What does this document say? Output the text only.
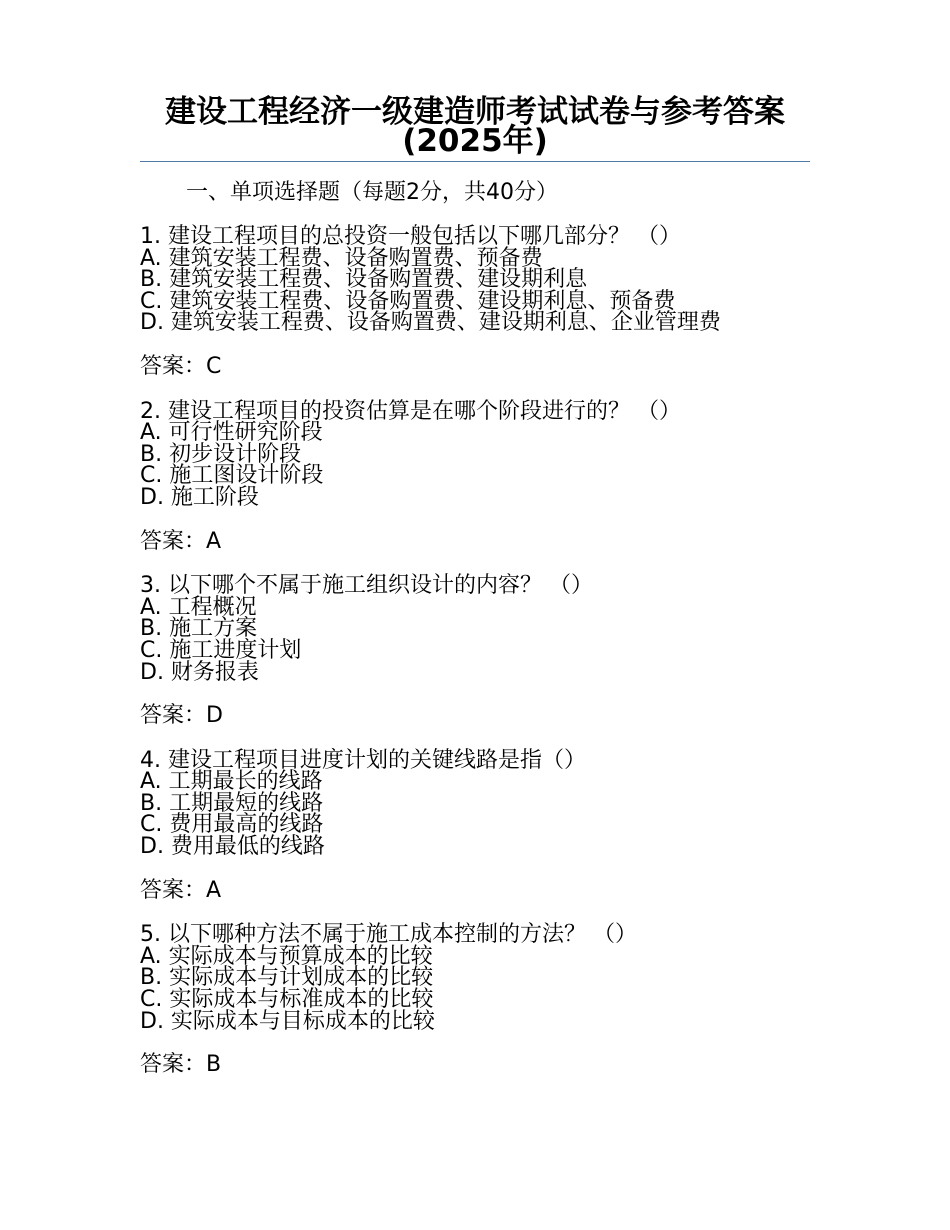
建设工程经济一级建造师考试试卷与参考答案(2025年)
一、单项选择题（每题2分，共40分）
1. 建设工程项目的总投资一般包括以下哪几部分？ （）
A. 建筑安装工程费、设备购置费、预备费
B. 建筑安装工程费、设备购置费、建设期利息
C. 建筑安装工程费、设备购置费、建设期利息、预备费
D. 建筑安装工程费、设备购置费、建设期利息、企业管理费
答案：C
2. 建设工程项目的投资估算是在哪个阶段进行的？ （）
A. 可行性研究阶段
B. 初步设计阶段
C. 施工图设计阶段
D. 施工阶段
答案：A
3. 以下哪个不属于施工组织设计的内容？ （）
A. 工程概况
B. 施工方案
C. 施工进度计划
D. 财务报表
答案：D
4. 建设工程项目进度计划的关键线路是指（）
A. 工期最长的线路
B. 工期最短的线路
C. 费用最高的线路
D. 费用最低的线路
答案：A
5. 以下哪种方法不属于施工成本控制的方法？ （）
A. 实际成本与预算成本的比较
B. 实际成本与计划成本的比较
C. 实际成本与标准成本的比较
D. 实际成本与目标成本的比较
答案：B
